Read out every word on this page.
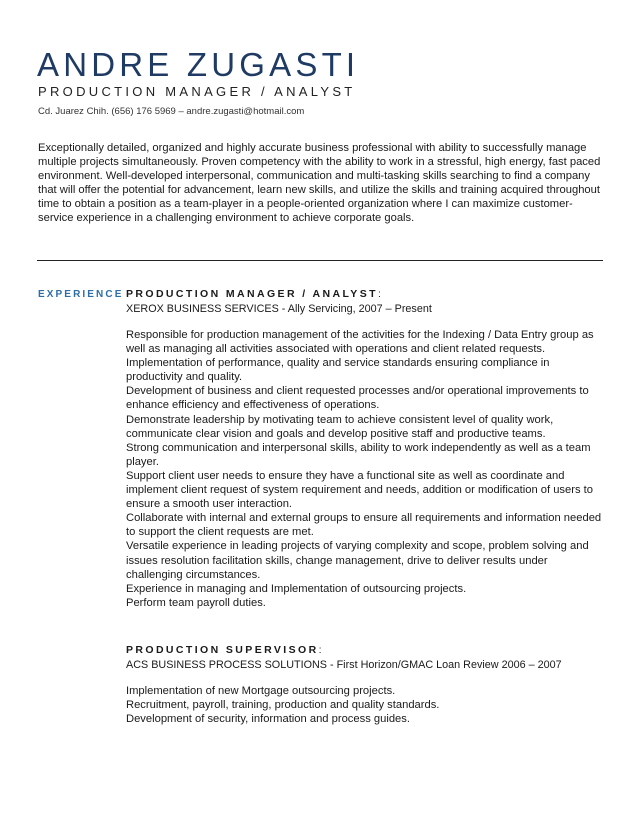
ANDRE ZUGASTI
PRODUCTION MANAGER / ANALYST
Cd. Juarez Chih. (656) 176 5969 – andre.zugasti@hotmail.com

Exceptionally detailed, organized and highly accurate business professional with ability to successfully manage multiple projects simultaneously. Proven competency with the ability to work in a stressful, high energy, fast paced environment. Well-developed interpersonal, communication and multi-tasking skills searching to find a company that will offer the potential for advancement, learn new skills, and utilize the skills and training acquired throughout time to obtain a position as a team-player in a people-oriented organization where I can maximize customer-service experience in a challenging environment to achieve corporate goals.

EXPERIENCE PRODUCTION MANAGER / ANALYST:
XEROX BUSINESS SERVICES - Ally Servicing, 2007 – Present
Responsible for production management of the activities for the Indexing / Data Entry group as well as managing all activities associated with operations and client related requests.
Implementation of performance, quality and service standards ensuring compliance in productivity and quality.
Development of business and client requested processes and/or operational improvements to enhance efficiency and effectiveness of operations.
Demonstrate leadership by motivating team to achieve consistent level of quality work, communicate clear vision and goals and develop positive staff and productive teams.
Strong communication and interpersonal skills, ability to work independently as well as a team player.
Support client user needs to ensure they have a functional site as well as coordinate and implement client request of system requirement and needs, addition or modification of users to ensure a smooth user interaction.
Collaborate with internal and external groups to ensure all requirements and information needed to support the client requests are met.
Versatile experience in leading projects of varying complexity and scope, problem solving and issues resolution facilitation skills, change management, drive to deliver results under challenging circumstances.
Experience in managing and Implementation of outsourcing projects.
Perform team payroll duties.
PRODUCTION SUPERVISOR:
ACS BUSINESS PROCESS SOLUTIONS - First Horizon/GMAC Loan Review 2006 – 2007
Implementation of new Mortgage outsourcing projects.
Recruitment, payroll, training, production and quality standards.
Development of security, information and process guides.
